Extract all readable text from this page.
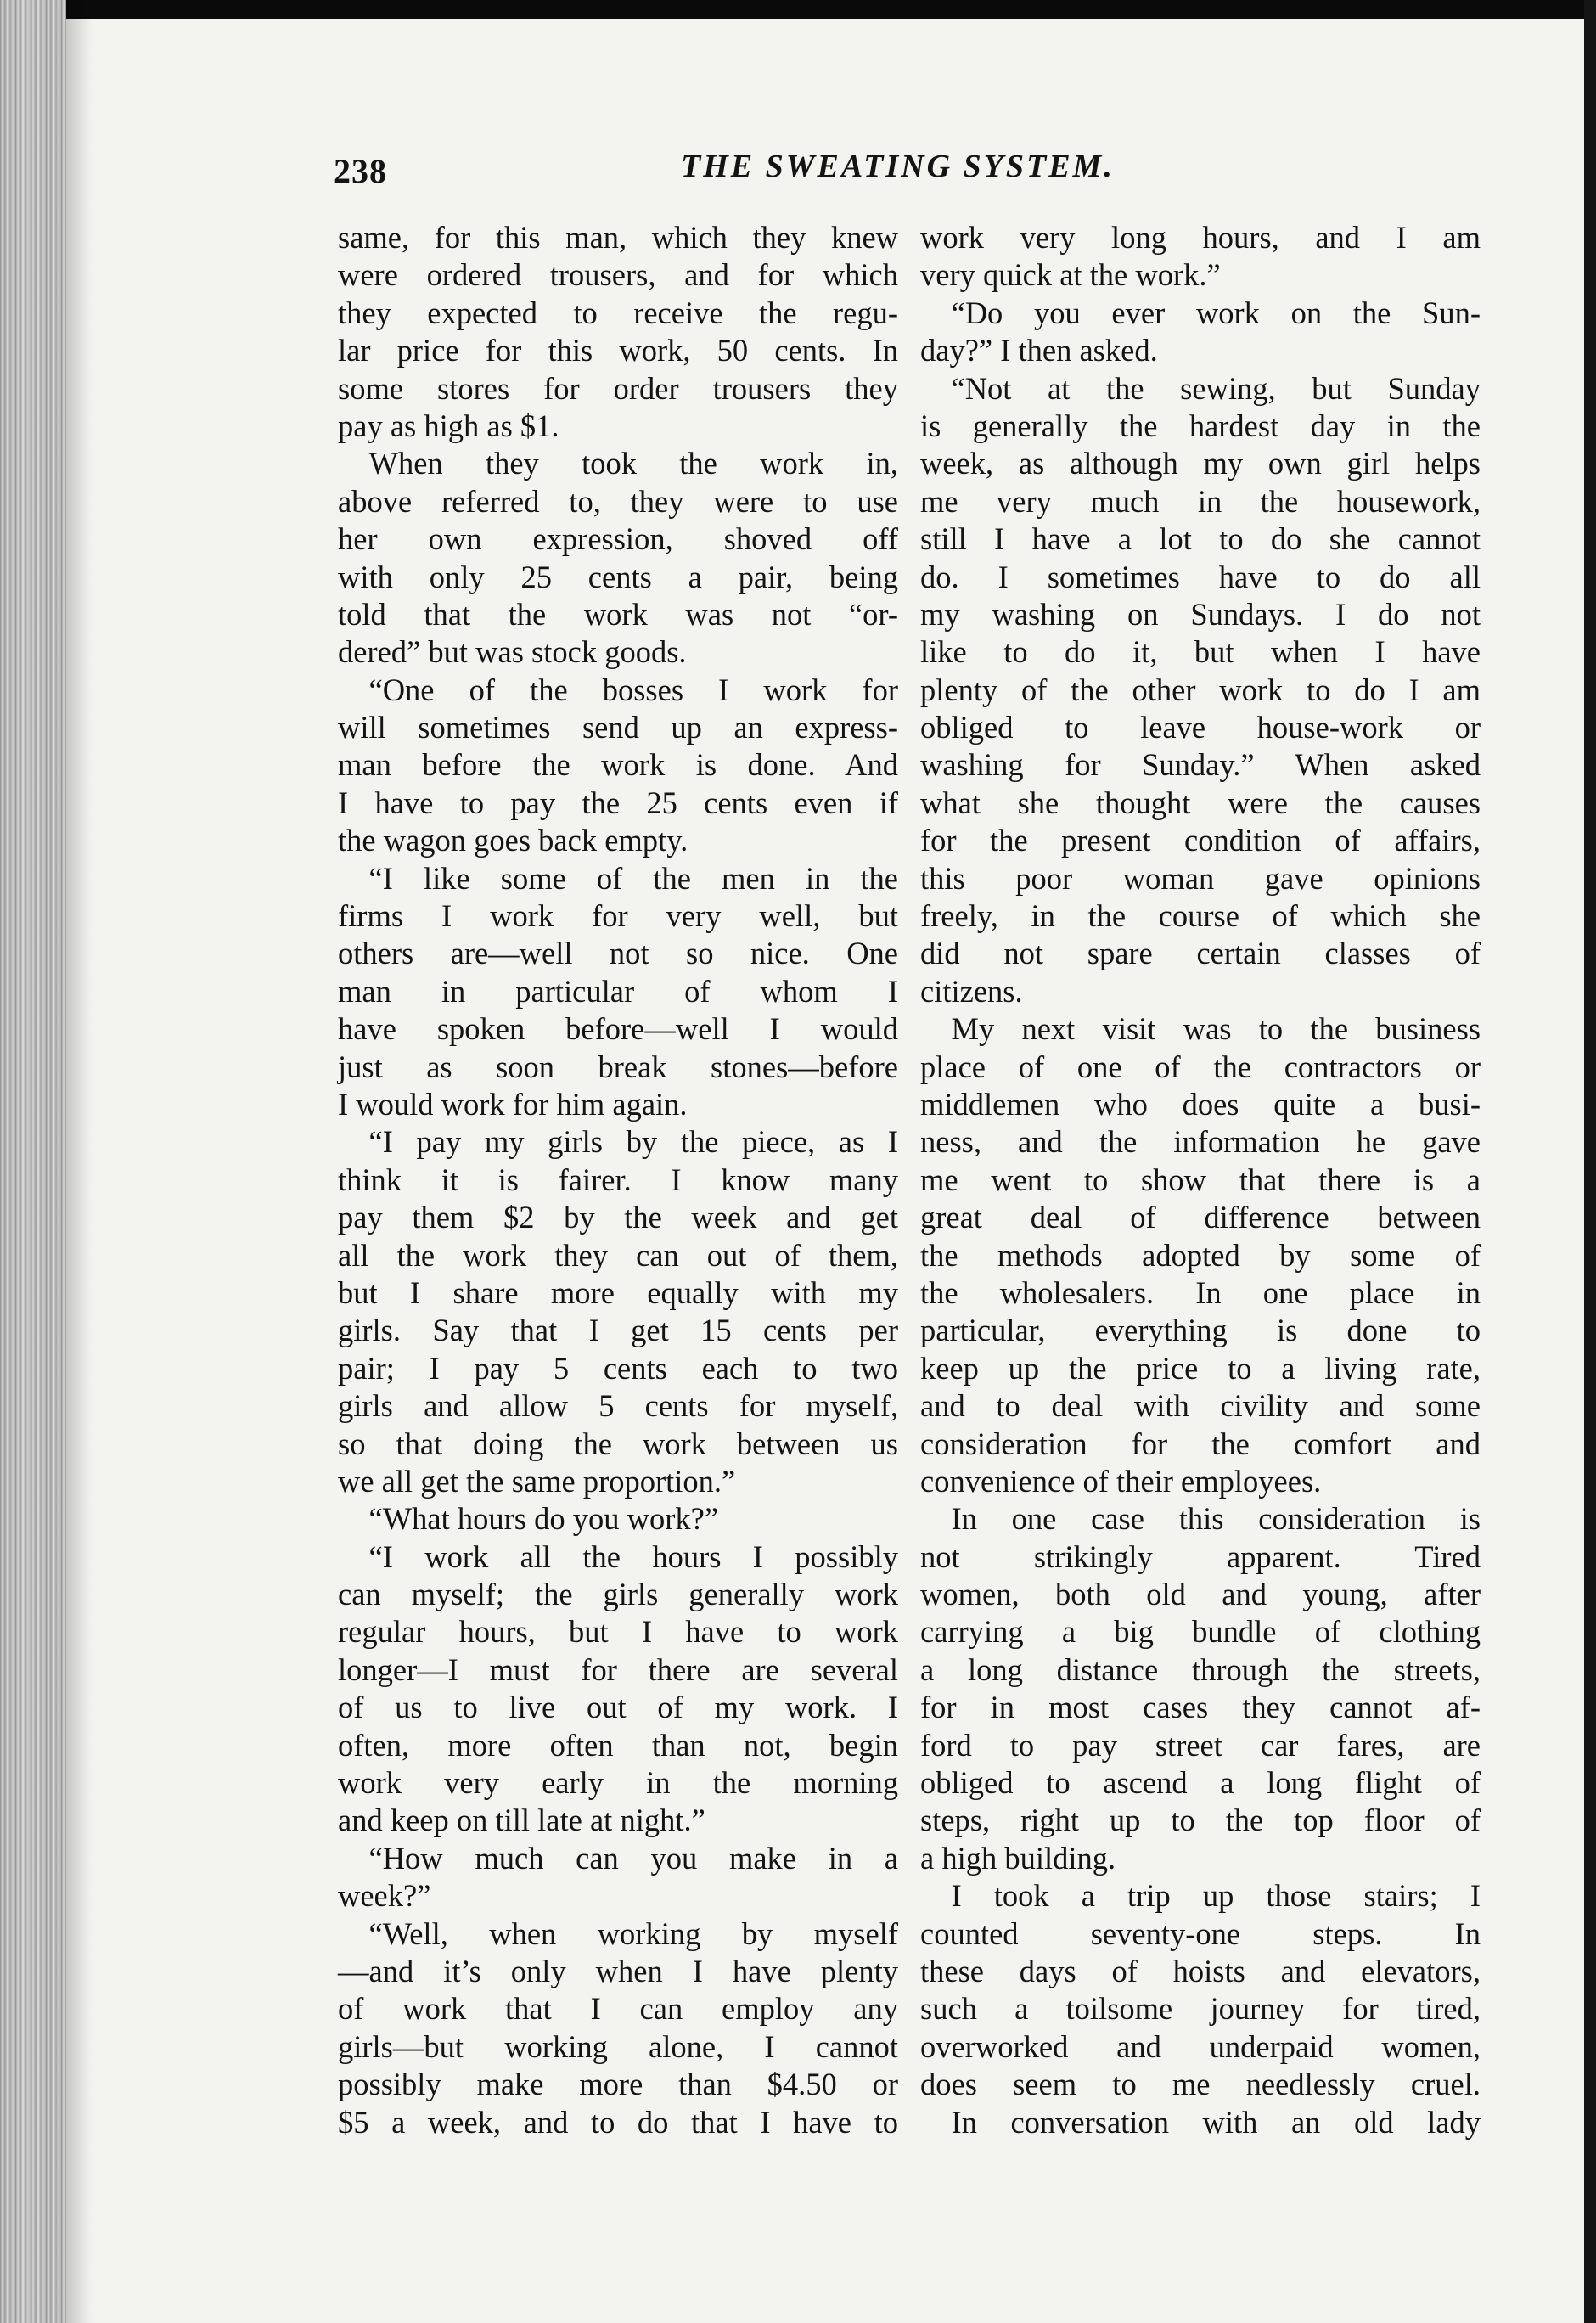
238	THE SWEATING SYSTEM.
same, for this man, which they knew
were ordered trousers, and for which
they expected to receive the regu-
lar price for this work, 50 cents. In
some stores for order trousers they
pay as high as $1.
 When they took the work in,
above referred to, they were to use
her own expression, shoved off
with only 25 cents a pair, being
told that the work was not “or-
dered” but was stock goods.
 “One of the bosses I work for
will sometimes send up an express-
man before the work is done. And
I have to pay the 25 cents even if
the wagon goes back empty.
 “I like some of the men in the
firms I work for very well, but
others are—well not so nice. One
man in particular of whom I
have spoken before—well I would
just as soon break stones—before
I would work for him again.
 “I pay my girls by the piece, as I
think it is fairer. I know many
pay them $2 by the week and get
all the work they can out of them,
but I share more equally with my
girls. Say that I get 15 cents per
pair; I pay 5 cents each to two
girls and allow 5 cents for myself,
so that doing the work between us
we all get the same proportion.”
 “What hours do you work?”
 “I work all the hours I possibly
can myself; the girls generally work
regular hours, but I have to work
longer—I must for there are several
of us to live out of my work. I
often, more often than not, begin
work very early in the morning
and keep on till late at night.”
 “How much can you make in a
week?”
 “Well, when working by myself
—and it’s only when I have plenty
of work that I can employ any
girls—but working alone, I cannot
possibly make more than $4.50 or
$5 a week, and to do that I have to
work very long hours, and I am
very quick at the work.”
 “Do you ever work on the Sun-
day?” I then asked.
 “Not at the sewing, but Sunday
is generally the hardest day in the
week, as although my own girl helps
me very much in the housework,
still I have a lot to do she cannot
do. I sometimes have to do all
my washing on Sundays. I do not
like to do it, but when I have
plenty of the other work to do I am
obliged to leave house-work or
washing for Sunday.” When asked
what she thought were the causes
for the present condition of affairs,
this poor woman gave opinions
freely, in the course of which she
did not spare certain classes of
citizens.
 My next visit was to the business
place of one of the contractors or
middlemen who does quite a busi-
ness, and the information he gave
me went to show that there is a
great deal of difference between
the methods adopted by some of
the wholesalers. In one place in
particular, everything is done to
keep up the price to a living rate,
and to deal with civility and some
consideration for the comfort and
convenience of their employees.
 In one case this consideration is
not strikingly apparent. Tired
women, both old and young, after
carrying a big bundle of clothing
a long distance through the streets,
for in most cases they cannot af-
ford to pay street car fares, are
obliged to ascend a long flight of
steps, right up to the top floor of
a high building.
 I took a trip up those stairs; I
counted seventy-one steps. In
these days of hoists and elevators,
such a toilsome journey for tired,
overworked and underpaid women,
does seem to me needlessly cruel.
 In conversation with an old lady
